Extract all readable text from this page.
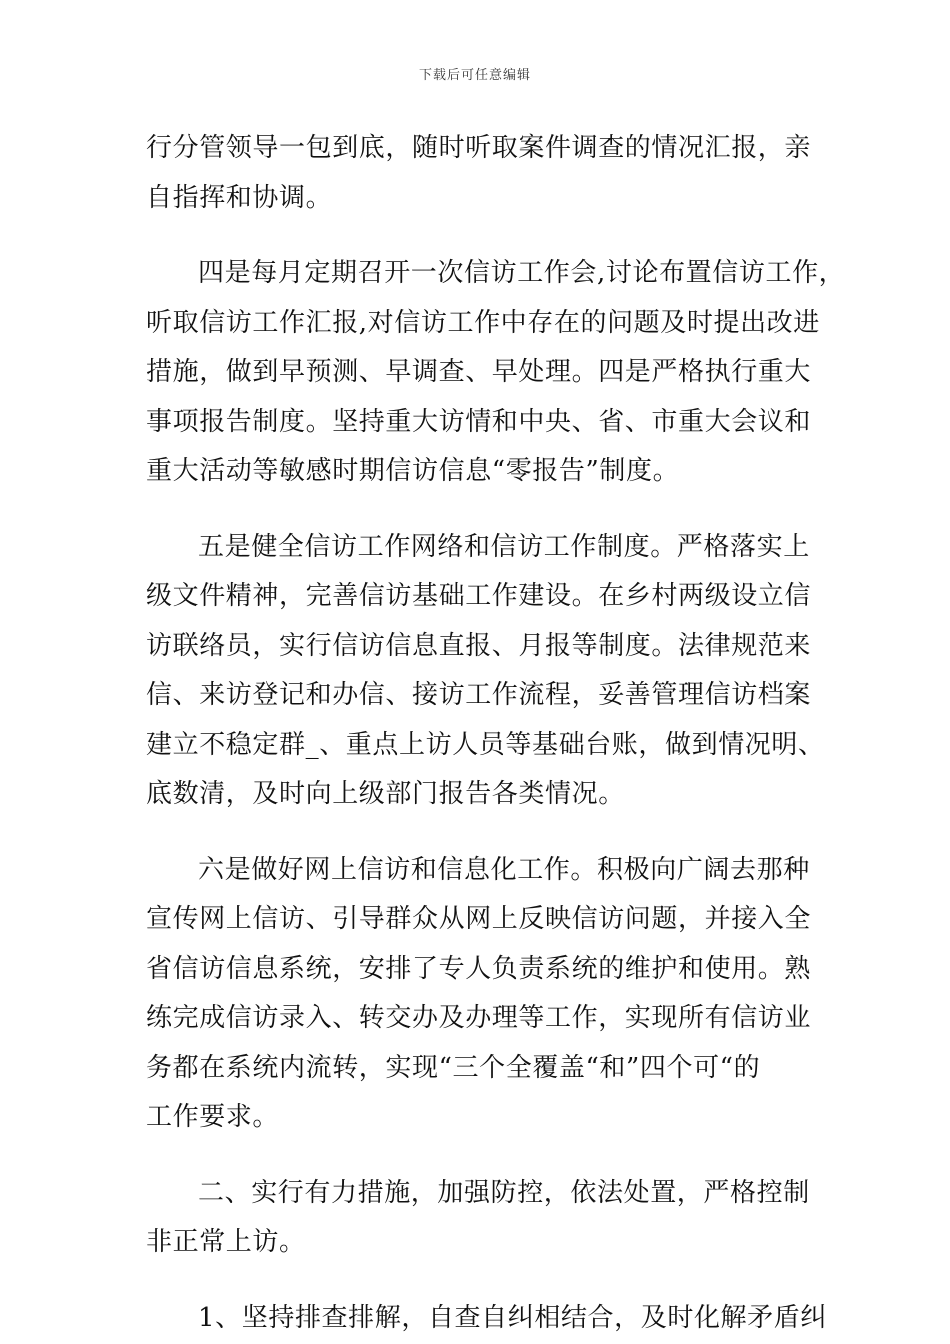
下载后可任意编辑
行分管领导一包到底，随时听取案件调查的情况汇报，亲
自指挥和协调。
四是每月定期召开一次信访工作会,讨论布置信访工作，
听取信访工作汇报,对信访工作中存在的问题及时提出改进
措施，做到早预测、早调查、早处理。四是严格执行重大
事项报告制度。坚持重大访情和中央、省、市重大会议和
重大活动等敏感时期信访信息“零报告”制度。
五是健全信访工作网络和信访工作制度。严格落实上
级文件精神，完善信访基础工作建设。在乡村两级设立信
访联络员，实行信访信息直报、月报等制度。法律规范来
信、来访登记和办信、接访工作流程，妥善管理信访档案
建立不稳定群_、重点上访人员等基础台账，做到情况明、
底数清，及时向上级部门报告各类情况。
六是做好网上信访和信息化工作。积极向广阔去那种
宣传网上信访、引导群众从网上反映信访问题，并接入全
省信访信息系统，安排了专人负责系统的维护和使用。熟
练完成信访录入、转交办及办理等工作，实现所有信访业
务都在系统内流转，实现“三个全覆盖“和”四个可“的
工作要求。
二、实行有力措施，加强防控，依法处置，严格控制
非正常上访。
1、坚持排查排解，自查自纠相结合，及时化解矛盾纠
